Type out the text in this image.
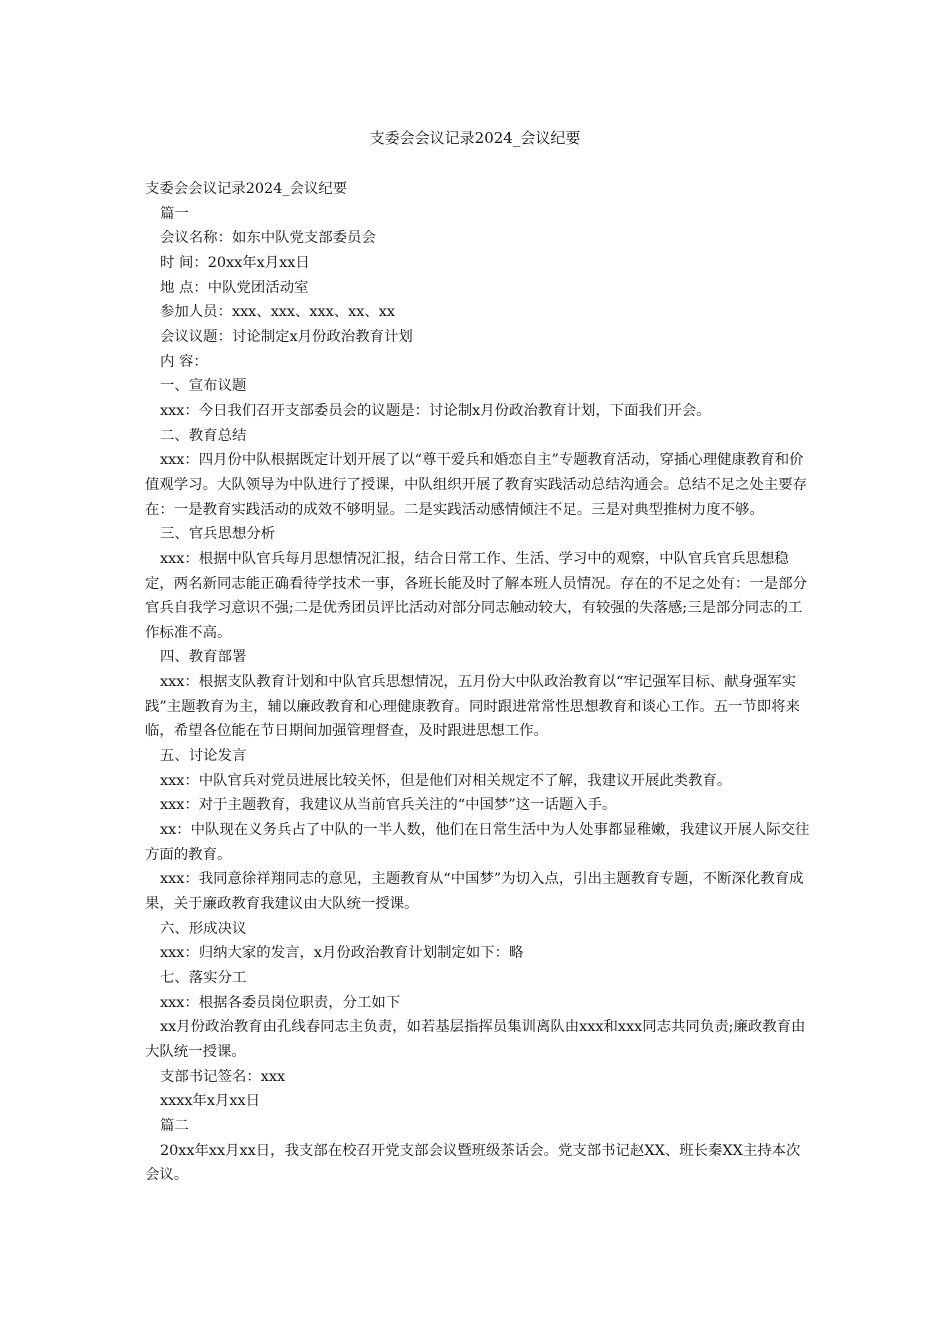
支委会会议记录2024_会议纪要

支委会会议记录2024_会议纪要

篇一

会议名称：如东中队党支部委员会

时 间：20xx年x月xx日

地 点：中队党团活动室

参加人员：xxx、xxx、xxx、xx、xx

会议议题：讨论制定x月份政治教育计划

内 容：

一、宣布议题

xxx：今日我们召开支部委员会的议题是：讨论制x月份政治教育计划，下面我们开会。

二、教育总结

xxx：四月份中队根据既定计划开展了以“尊干爱兵和婚恋自主”专题教育活动，穿插心理健康教育和价值观学习。大队领导为中队进行了授课，中队组织开展了教育实践活动总结沟通会。总结不足之处主要存在：一是教育实践活动的成效不够明显。二是实践活动感情倾注不足。三是对典型推树力度不够。

三、官兵思想分析

xxx：根据中队官兵每月思想情况汇报，结合日常工作、生活、学习中的观察，中队官兵官兵思想稳定，两名新同志能正确看待学技术一事，各班长能及时了解本班人员情况。存在的不足之处有：一是部分官兵自我学习意识不强;二是优秀团员评比活动对部分同志触动较大，有较强的失落感;三是部分同志的工作标准不高。

四、教育部署

xxx：根据支队教育计划和中队官兵思想情况，五月份大中队政治教育以“牢记强军目标、献身强军实践”主题教育为主，辅以廉政教育和心理健康教育。同时跟进常常性思想教育和谈心工作。五一节即将来临，希望各位能在节日期间加强管理督查，及时跟进思想工作。

五、讨论发言

xxx：中队官兵对党员进展比较关怀，但是他们对相关规定不了解，我建议开展此类教育。

xxx：对于主题教育，我建议从当前官兵关注的“中国梦”这一话题入手。

xx：中队现在义务兵占了中队的一半人数，他们在日常生活中为人处事都显稚嫩，我建议开展人际交往方面的教育。

xxx：我同意徐祥翔同志的意见，主题教育从“中国梦”为切入点，引出主题教育专题，不断深化教育成果，关于廉政教育我建议由大队统一授课。

六、形成决议

xxx：归纳大家的发言，x月份政治教育计划制定如下：略

七、落实分工

xxx：根据各委员岗位职责，分工如下

xx月份政治教育由孔线春同志主负责，如若基层指挥员集训离队由xxx和xxx同志共同负责;廉政教育由大队统一授课。

支部书记签名：xxx

xxxx年x月xx日

篇二

20xx年xx月xx日，我支部在校召开党支部会议暨班级茶话会。党支部书记赵XX、班长秦XX主持本次会议。
